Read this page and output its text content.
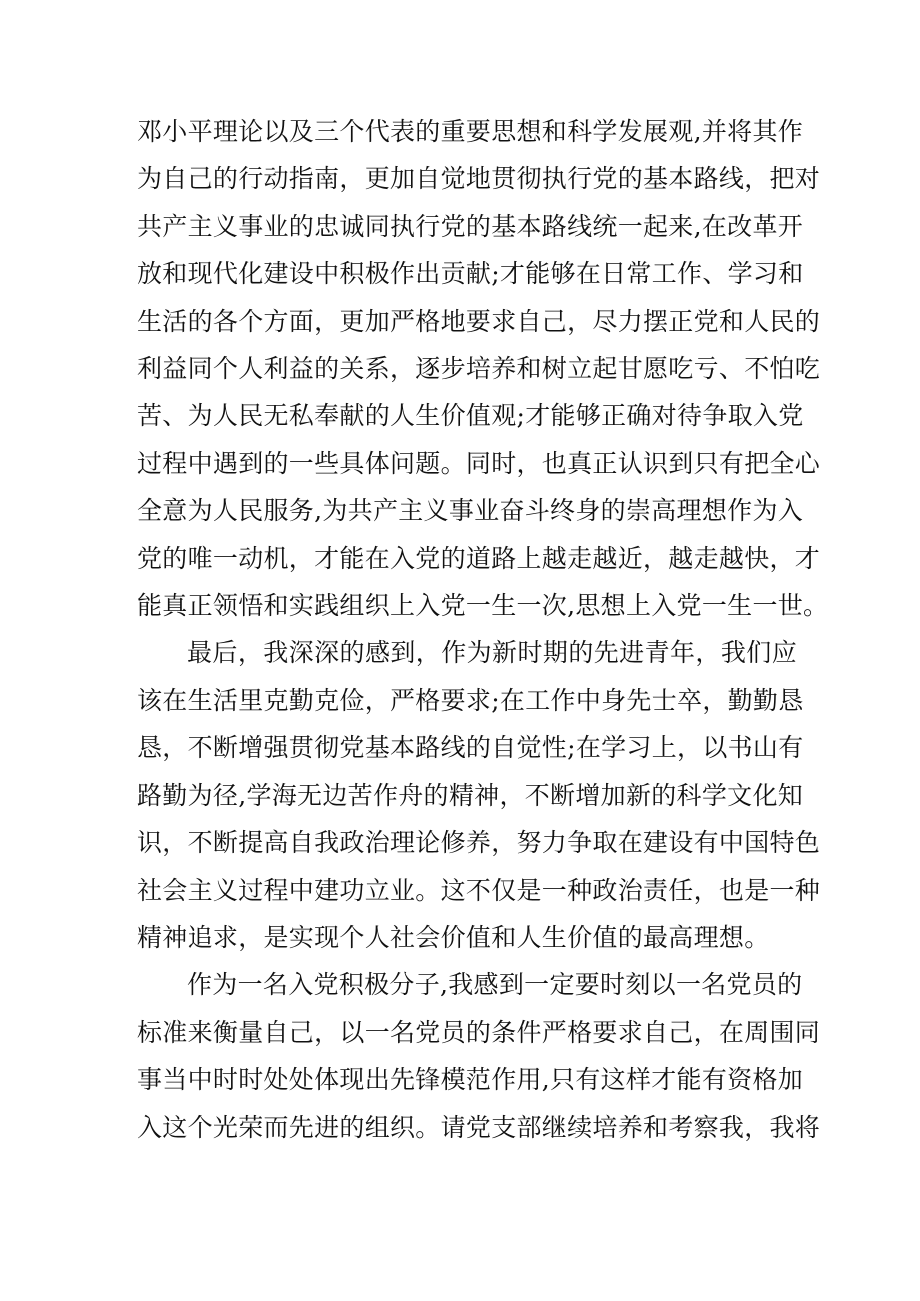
邓小平理论以及三个代表的重要思想和科学发展观,并将其作
为自己的行动指南，更加自觉地贯彻执行党的基本路线，把对
共产主义事业的忠诚同执行党的基本路线统一起来,在改革开
放和现代化建设中积极作出贡献;才能够在日常工作、学习和
生活的各个方面，更加严格地要求自己，尽力摆正党和人民的
利益同个人利益的关系，逐步培养和树立起甘愿吃亏、不怕吃
苦、为人民无私奉献的人生价值观;才能够正确对待争取入党
过程中遇到的一些具体问题。同时，也真正认识到只有把全心
全意为人民服务,为共产主义事业奋斗终身的崇高理想作为入
党的唯一动机，才能在入党的道路上越走越近，越走越快，才
能真正领悟和实践组织上入党一生一次,思想上入党一生一世。
最后，我深深的感到，作为新时期的先进青年，我们应
该在生活里克勤克俭，严格要求;在工作中身先士卒，勤勤恳
恳，不断增强贯彻党基本路线的自觉性;在学习上，以书山有
路勤为径,学海无边苦作舟的精神，不断增加新的科学文化知
识，不断提高自我政治理论修养，努力争取在建设有中国特色
社会主义过程中建功立业。这不仅是一种政治责任，也是一种
精神追求，是实现个人社会价值和人生价值的最高理想。
作为一名入党积极分子,我感到一定要时刻以一名党员的
标准来衡量自己，以一名党员的条件严格要求自己，在周围同
事当中时时处处体现出先锋模范作用,只有这样才能有资格加
入这个光荣而先进的组织。请党支部继续培养和考察我，我将
